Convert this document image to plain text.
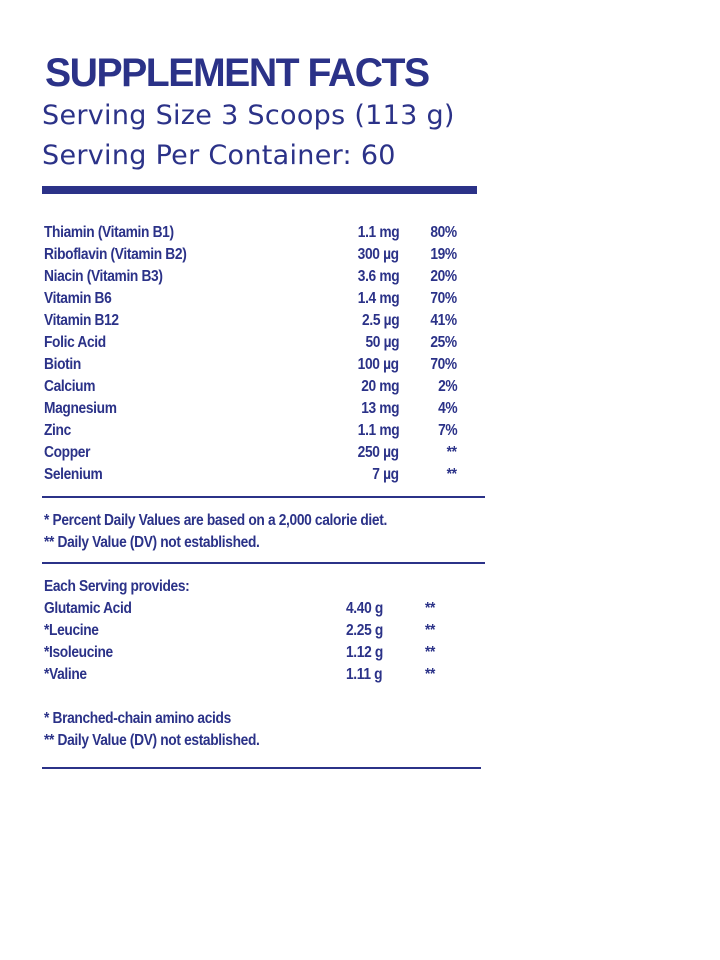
SUPPLEMENT FACTS
Serving Size 3 Scoops (113 g)
Serving Per Container: 60
Thiamin (Vitamin B1)	1.1 mg 80%
Riboflavin (Vitamin B2)	300 µg 19%
Niacin (Vitamin B3)	3.6 mg 20%
Vitamin B6	1.4 mg 70%
Vitamin B12	2.5 µg 41%
Folic Acid	50 µg 25%
Biotin	100 µg 70%
Calcium	20 mg 2%
Magnesium	13 mg 4%
Zinc	1.1 mg 7%
Copper	250 µg	**
Selenium	7 µg	**
* Percent Daily Values are based on a 2,000 calorie diet.
** Daily Value (DV) not established.
Each Serving provides:
Glutamic Acid	4.40 g	**
*Leucine	2.25 g	**
*Isoleucine	1.12 g	**
*Valine	1.11 g	**
* Branched-chain amino acids
** Daily Value (DV) not established.
